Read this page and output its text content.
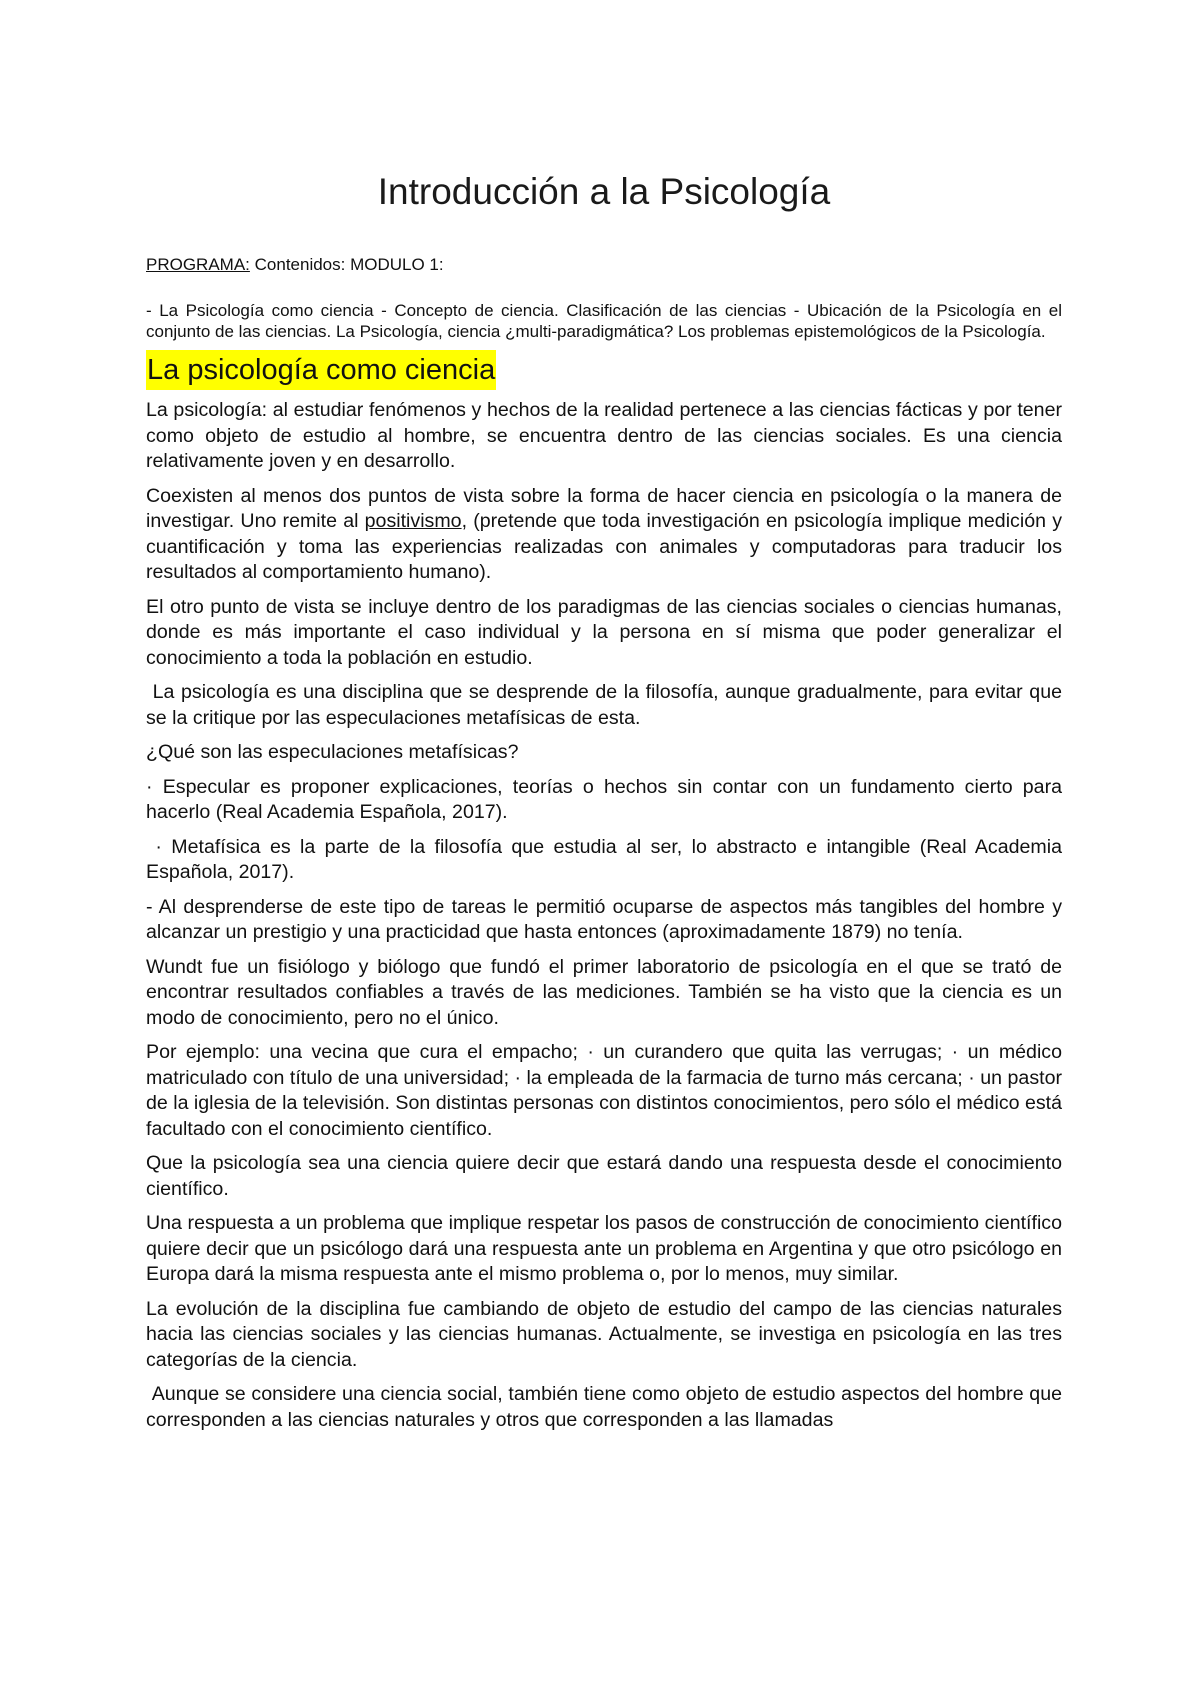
Introducción a la Psicología

PROGRAMA: Contenidos: MODULO 1:

- La Psicología como ciencia - Concepto de ciencia. Clasificación de las ciencias - Ubicación de la Psicología en el conjunto de las ciencias. La Psicología, ciencia ¿multi-paradigmática? Los problemas epistemológicos de la Psicología.

La psicología como ciencia

La psicología: al estudiar fenómenos y hechos de la realidad pertenece a las ciencias fácticas y por tener como objeto de estudio al hombre, se encuentra dentro de las ciencias sociales. Es una ciencia relativamente joven y en desarrollo.

Coexisten al menos dos puntos de vista sobre la forma de hacer ciencia en psicología o la manera de investigar. Uno remite al positivismo, (pretende que toda investigación en psicología implique medición y cuantificación y toma las experiencias realizadas con animales y computadoras para traducir los resultados al comportamiento humano).

El otro punto de vista se incluye dentro de los paradigmas de las ciencias sociales o ciencias humanas, donde es más importante el caso individual y la persona en sí misma que poder generalizar el conocimiento a toda la población en estudio.

La psicología es una disciplina que se desprende de la filosofía, aunque gradualmente, para evitar que se la critique por las especulaciones metafísicas de esta.

¿Qué son las especulaciones metafísicas?

· Especular es proponer explicaciones, teorías o hechos sin contar con un fundamento cierto para hacerlo (Real Academia Española, 2017).

· Metafísica es la parte de la filosofía que estudia al ser, lo abstracto e intangible (Real Academia Española, 2017).

- Al desprenderse de este tipo de tareas le permitió ocuparse de aspectos más tangibles del hombre y alcanzar un prestigio y una practicidad que hasta entonces (aproximadamente 1879) no tenía.

Wundt fue un fisiólogo y biólogo que fundó el primer laboratorio de psicología en el que se trató de encontrar resultados confiables a través de las mediciones. También se ha visto que la ciencia es un modo de conocimiento, pero no el único.

Por ejemplo: una vecina que cura el empacho; · un curandero que quita las verrugas; · un médico matriculado con título de una universidad; · la empleada de la farmacia de turno más cercana; · un pastor de la iglesia de la televisión. Son distintas personas con distintos conocimientos, pero sólo el médico está facultado con el conocimiento científico.

Que la psicología sea una ciencia quiere decir que estará dando una respuesta desde el conocimiento científico.

Una respuesta a un problema que implique respetar los pasos de construcción de conocimiento científico quiere decir que un psicólogo dará una respuesta ante un problema en Argentina y que otro psicólogo en Europa dará la misma respuesta ante el mismo problema o, por lo menos, muy similar.

La evolución de la disciplina fue cambiando de objeto de estudio del campo de las ciencias naturales hacia las ciencias sociales y las ciencias humanas. Actualmente, se investiga en psicología en las tres categorías de la ciencia.

Aunque se considere una ciencia social, también tiene como objeto de estudio aspectos del hombre que corresponden a las ciencias naturales y otros que corresponden a las llamadas
